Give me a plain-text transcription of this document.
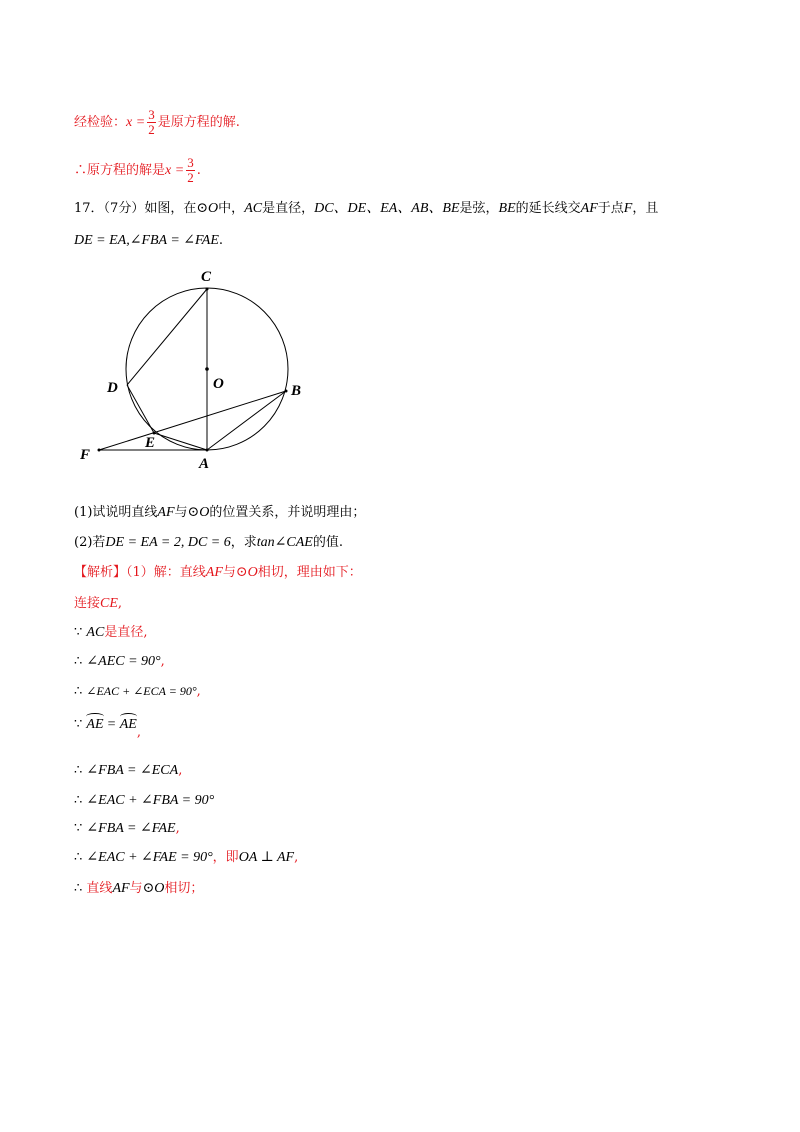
经检验：$x = \frac{3}{2}$ 是原方程的解.
∴原方程的解是$x = \frac{3}{2}$ .
17．（7分）如图，在⊙O中，AC是直径，DC、DE、EA、AB、BE是弦，BE的延长线交AF于点F，且
DE = EA,∠FBA = ∠FAE.
C
O
D	B
E
F
A
(1)试说明直线AF与⊙O的位置关系，并说明理由；
(2)若DE = EA = 2, DC = 6，求tan∠CAE的值.
【解析】（1）解：直线AF与⊙O相切，理由如下：
连接CE,
∵ AC是直径,
∴ ∠AEC = 90°,
∴ ∠EAC + ∠ECA = 90°,
∵ AE = AE,
∴ ∠FBA = ∠ECA,
∴ ∠EAC + ∠FBA = 90°
∵ ∠FBA = ∠FAE,
∴ ∠EAC + ∠FAE = 90°，即OA ⊥ AF,
∴ 直线AF与⊙O相切；
